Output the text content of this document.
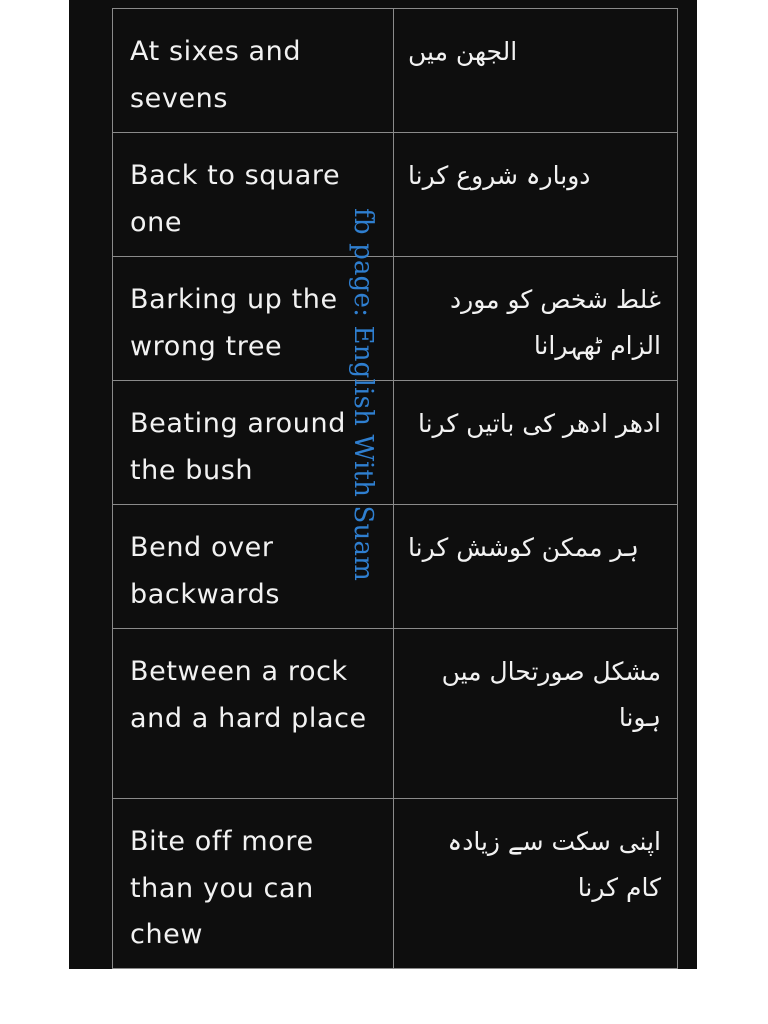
At sixes and sevens
الجھن میں
Back to square one
دوبارہ شروع کرنا
Barking up the wrong tree
غلط شخص کو مورد الزام ٹھہرانا
Beating around the bush
ادھر ادھر کی باتیں کرنا
Bend over backwards
ہر ممکن کوشش کرنا
Between a rock and a hard place
مشکل صورتحال میں ہونا
Bite off more than you can chew
اپنی سکت سے زیادہ کام کرنا
fb page: English With Suam
